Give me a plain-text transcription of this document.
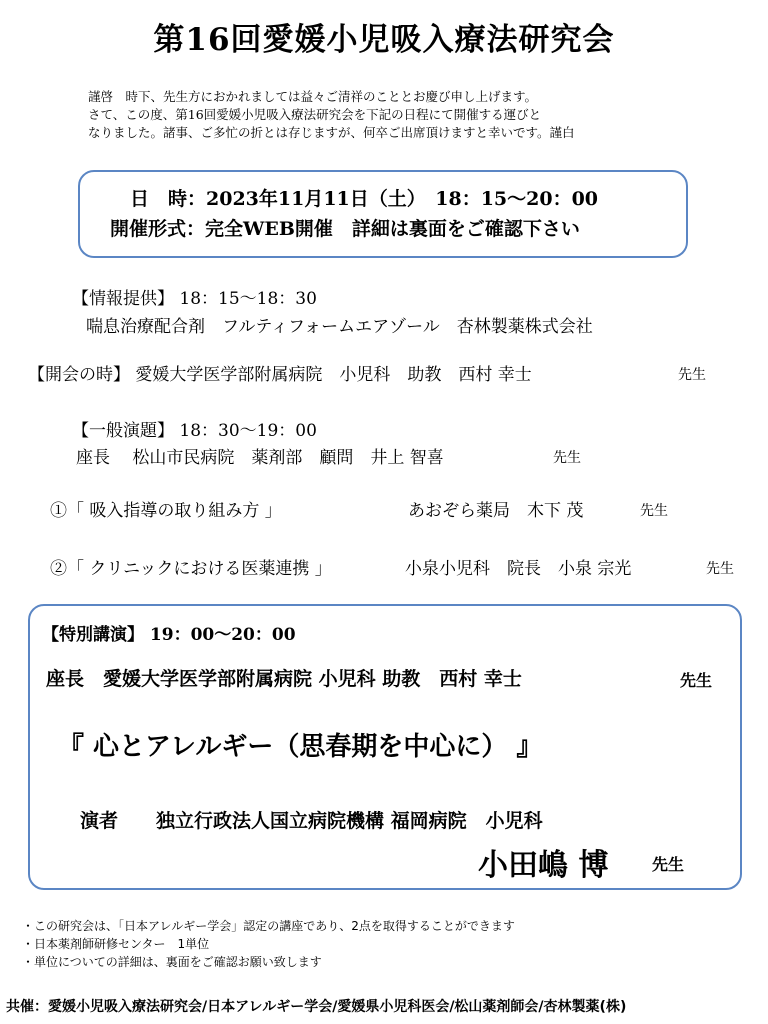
第16回愛媛小児吸入療法研究会
謹啓　時下、先生方におかれましては益々ご清祥のこととお慶び申し上げます。
さて、この度、第16回愛媛小児吸入療法研究会を下記の日程にて開催する運びと
なりました。諸事、ご多忙の折とは存じますが、何卒ご出席頂けますと幸いです。謹白
日　時：2023年11月11日（土）　18：15～20：00
開催形式：完全WEB開催　詳細は裏面をご確認下さい
【情報提供】 18：15～18：30
喘息治療配合剤　フルティフォームエアゾール　杏林製薬株式会社
【開会の時】 愛媛大学医学部附属病院　小児科　助教　西村 幸士	先生
【一般演題】 18：30～19：00
座長　 松山市民病院　薬剤部　顧問　井上 智喜	先生
①「 吸入指導の取り組み方 」	あおぞら薬局　木下 茂	先生
②「 クリニックにおける医薬連携 」	小泉小児科　院長　小泉 宗光	先生
【特別講演】 19：00～20：00
座長　愛媛大学医学部附属病院 小児科 助教　西村 幸士	先生
『 心とアレルギー（思春期を中心に） 』
演者　　独立行政法人国立病院機構 福岡病院　小児科
小田嶋 博	先生
・この研究会は、「日本アレルギー学会」認定の講座であり、2点を取得することができます
・日本薬剤師研修センター　1単位
・単位についての詳細は、裏面をご確認お願い致します
共催：愛媛小児吸入療法研究会/日本アレルギー学会/愛媛県小児科医会/松山薬剤師会/杏林製薬(株)
